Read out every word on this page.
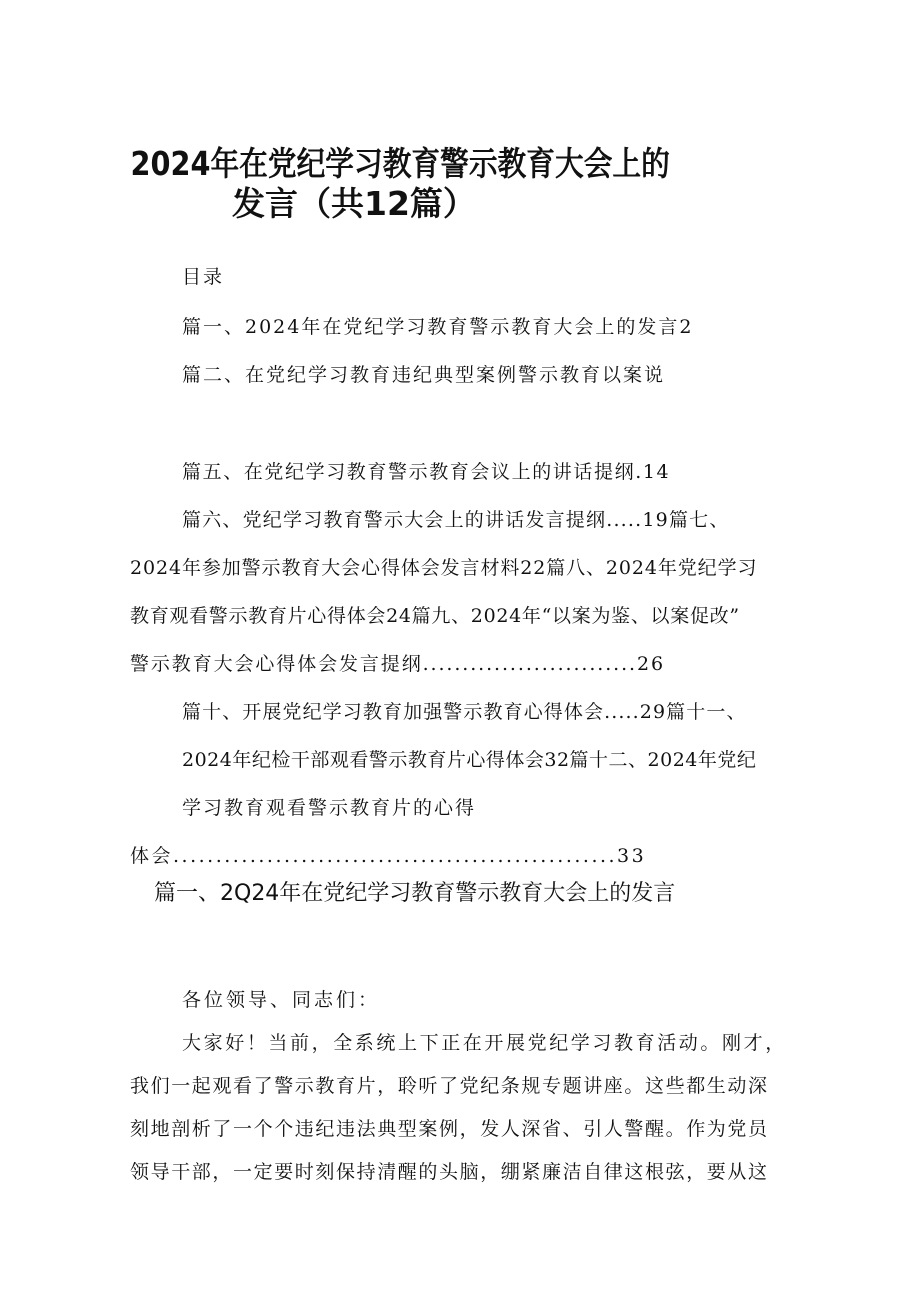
2024年在党纪学习教育警示教育大会上的
发言（共12篇）
目录
篇一、2024年在党纪学习教育警示教育大会上的发言2
篇二、在党纪学习教育违纪典型案例警示教育以案说
篇五、在党纪学习教育警示教育会议上的讲话提纲.14
篇六、党纪学习教育警示大会上的讲话发言提纲.....19篇七、
2024年参加警示教育大会心得体会发言材料22篇八、2024年党纪学习
教育观看警示教育片心得体会24篇九、2024年“以案为鉴、以案促改”
警示教育大会心得体会发言提纲...........................26
篇十、开展党纪学习教育加强警示教育心得体会.....29篇十一、
2024年纪检干部观看警示教育片心得体会32篇十二、2024年党纪
学习教育观看警示教育片的心得
体会....................................................33
篇一、2Q24年在党纪学习教育警示教育大会上的发言
各位领导、同志们：
大家好！当前，全系统上下正在开展党纪学习教育活动。刚才，
我们一起观看了警示教育片，聆听了党纪条规专题讲座。这些都生动深
刻地剖析了一个个违纪违法典型案例，发人深省、引人警醒。作为党员
领导干部，一定要时刻保持清醒的头脑，绷紧廉洁自律这根弦，要从这
